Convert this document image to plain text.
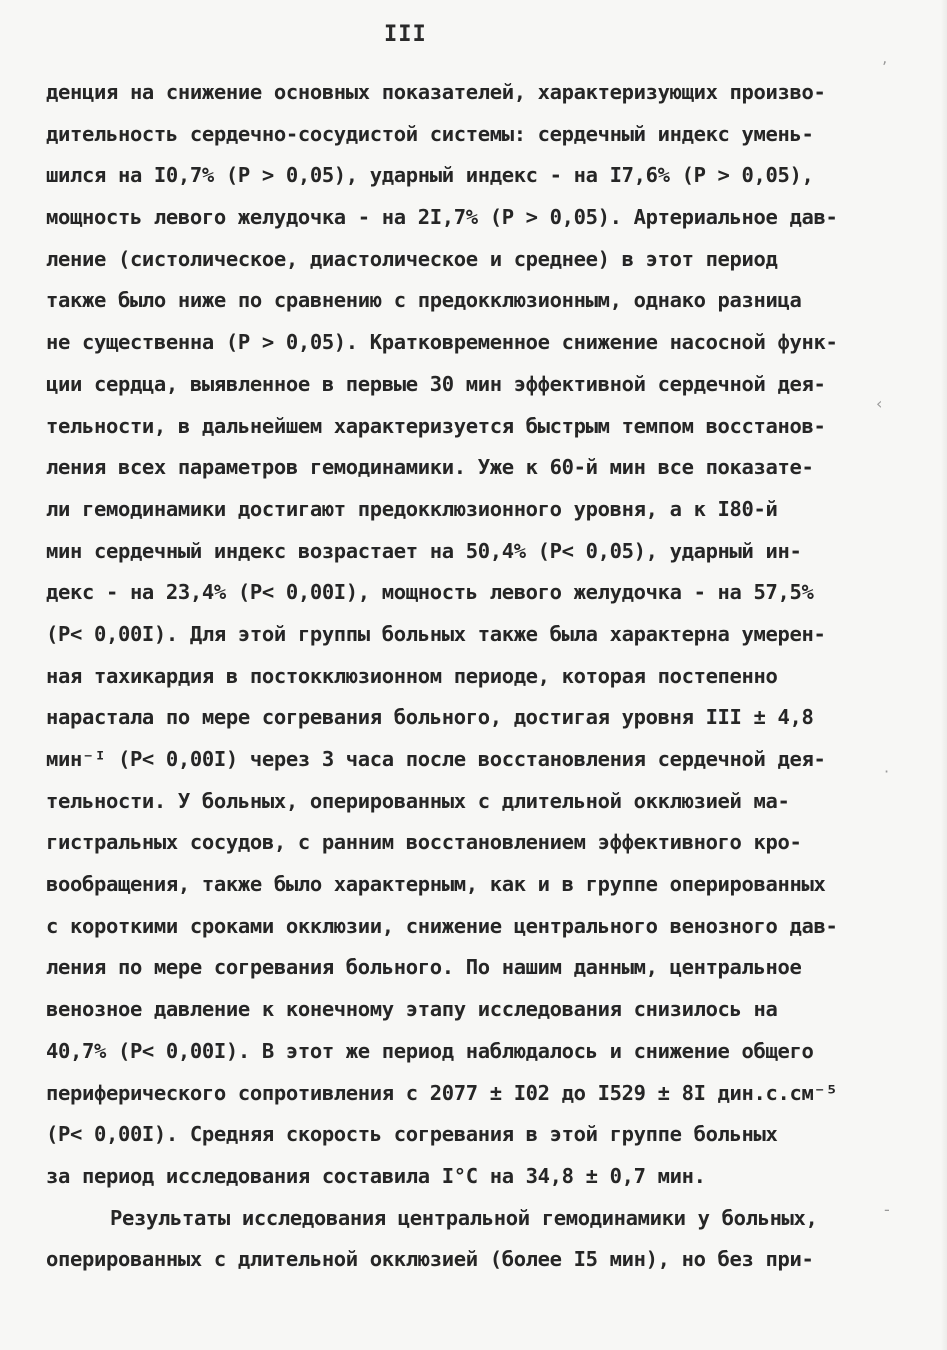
III
денция на снижение основных показателей, характеризующих произво-
дительность сердечно-сосудистой системы: сердечный индекс умень-
шился на I0,7% (Р > 0,05), ударный индекс - на I7,6% (Р > 0,05),
мощность левого желудочка - на 2I,7% (Р > 0,05). Артериальное дав-
ление (систолическое, диастолическое и среднее) в этот период
также было ниже по сравнению с предокклюзионным, однако разница
не существенна (Р > 0,05). Кратковременное снижение насосной функ-
ции сердца, выявленное в первые 30 мин эффективной сердечной дея-
тельности, в дальнейшем характеризуется быстрым темпом восстанов-
ления всех параметров гемодинамики. Уже к 60-й мин все показате-
ли гемодинамики достигают предокклюзионного уровня, а к I80-й
мин сердечный индекс возрастает на 50,4% (Р< 0,05), ударный ин-
декс - на 23,4% (Р< 0,00I), мощность левого желудочка - на 57,5%
(Р< 0,00I). Для этой группы больных также была характерна умерен-
ная тахикардия в постокклюзионном периоде, которая постепенно
нарастала по мере согревания больного, достигая уровня III ± 4,8
мин⁻ᴵ (Р< 0,00I) через 3 часа после восстановления сердечной дея-
тельности. У больных, оперированных с длительной окклюзией ма-
гистральных сосудов, с ранним восстановлением эффективного кро-
вообращения, также было характерным, как и в группе оперированных
с короткими сроками окклюзии, снижение центрального венозного дав-
ления по мере согревания больного. По нашим данным, центральное
венозное давление к конечному этапу исследования снизилось на
40,7% (Р< 0,00I). В этот же период наблюдалось и снижение общего
периферического сопротивления с 2077 ± I02 до I529 ± 8I дин.с.см⁻⁵
(Р< 0,00I). Средняя скорость согревания в этой группе больных
за период исследования составила I°С на 34,8 ± 0,7 мин.
Результаты исследования центральной гемодинамики у больных,
оперированных с длительной окклюзией (более I5 мин), но без при-
ʼ
‹
·
‐
